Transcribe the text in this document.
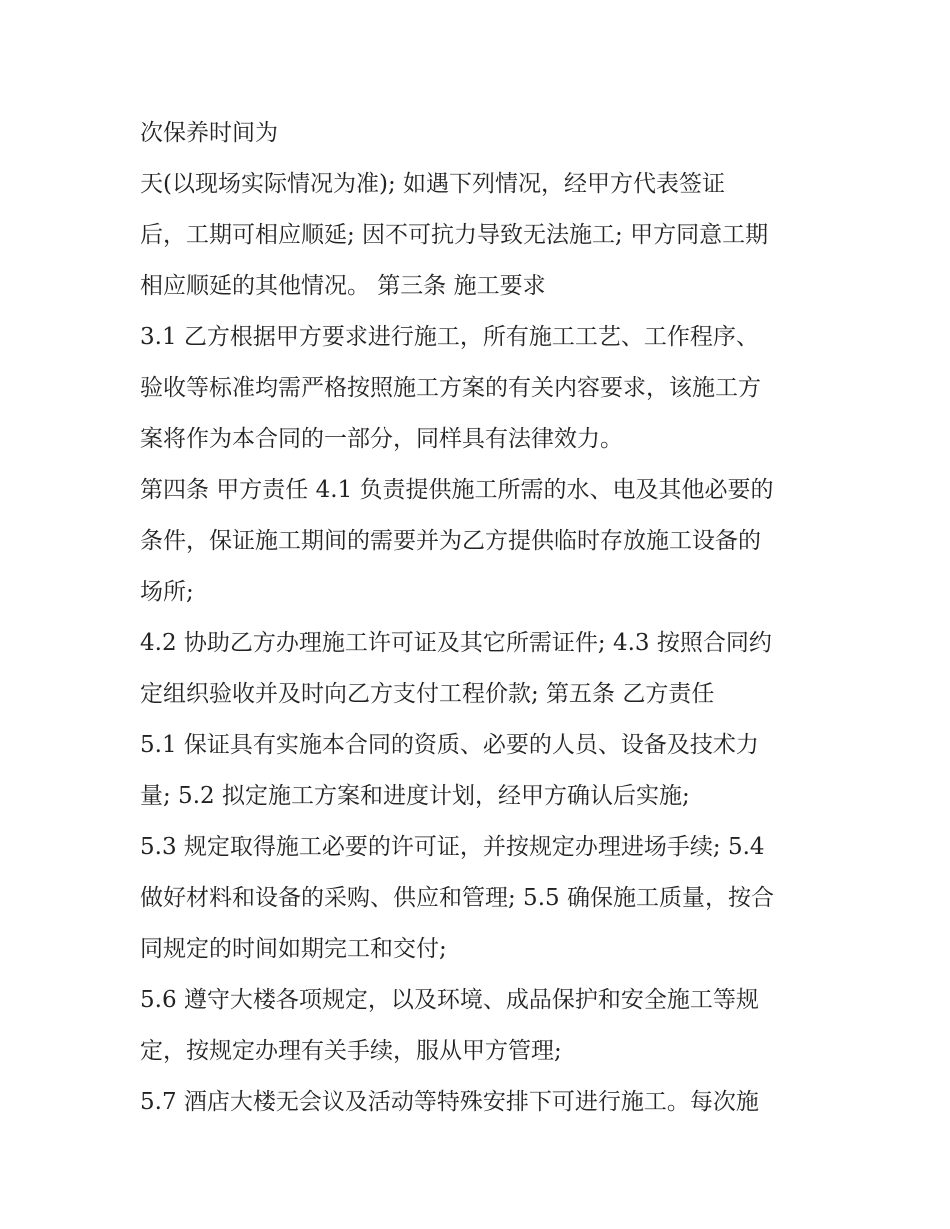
次保养时间为

天(以现场实际情况为准); 如遇下列情况，经甲方代表签证

后，工期可相应顺延; 因不可抗力导致无法施工; 甲方同意工期

相应顺延的其他情况。 第三条 施工要求

3.1 乙方根据甲方要求进行施工，所有施工工艺、工作程序、

验收等标准均需严格按照施工方案的有关内容要求，该施工方

案将作为本合同的一部分，同样具有法律效力。

第四条 甲方责任 4.1 负责提供施工所需的水、电及其他必要的

条件，保证施工期间的需要并为乙方提供临时存放施工设备的

场所;

4.2 协助乙方办理施工许可证及其它所需证件; 4.3 按照合同约

定组织验收并及时向乙方支付工程价款; 第五条 乙方责任

5.1 保证具有实施本合同的资质、必要的人员、设备及技术力

量; 5.2 拟定施工方案和进度计划，经甲方确认后实施;

5.3 规定取得施工必要的许可证，并按规定办理进场手续; 5.4

做好材料和设备的采购、供应和管理; 5.5 确保施工质量，按合

同规定的时间如期完工和交付;

5.6 遵守大楼各项规定，以及环境、成品保护和安全施工等规

定，按规定办理有关手续，服从甲方管理;

5.7 酒店大楼无会议及活动等特殊安排下可进行施工。每次施
